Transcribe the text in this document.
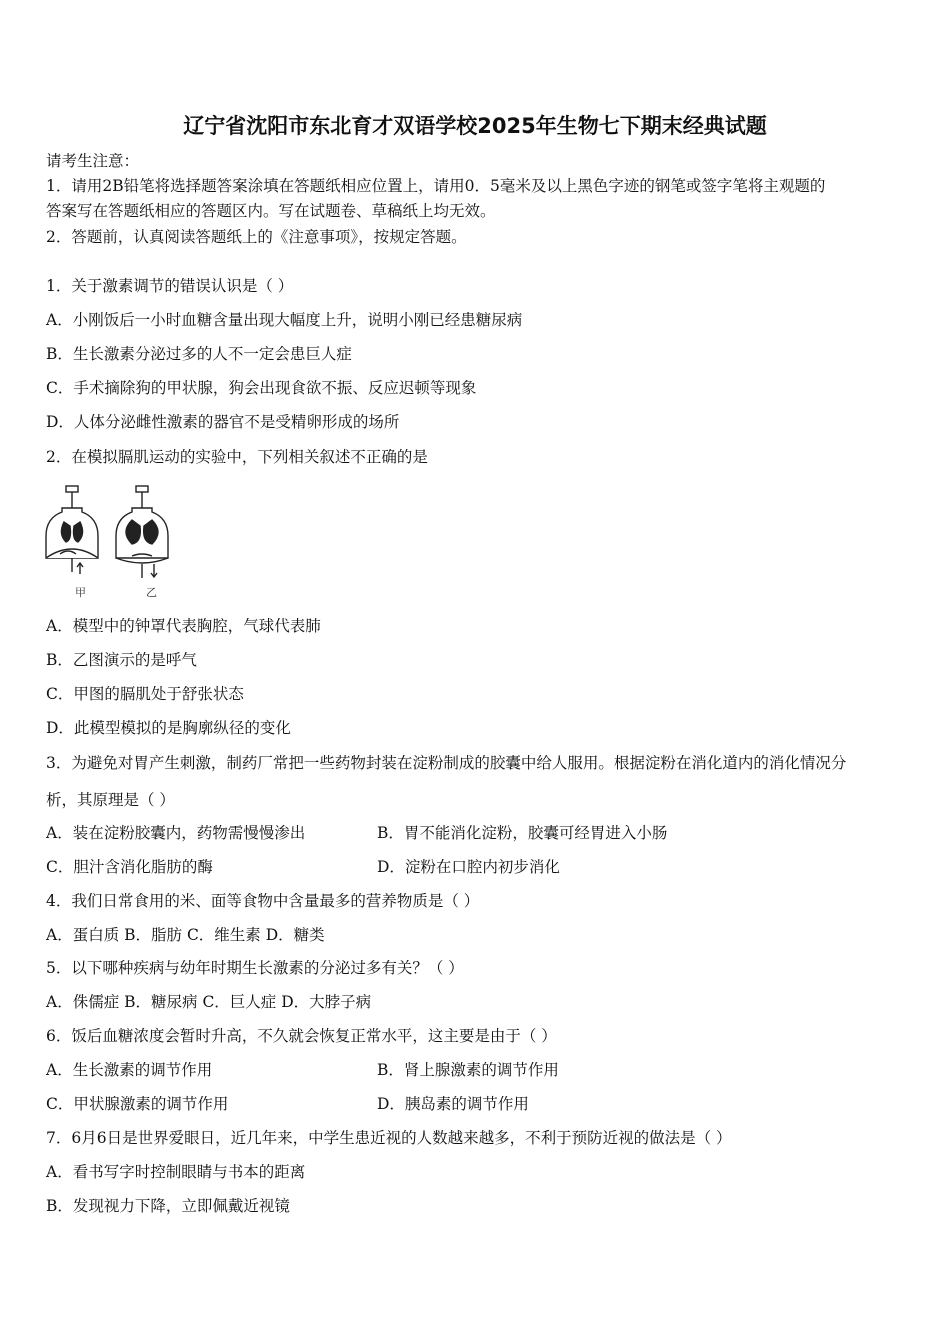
辽宁省沈阳市东北育才双语学校2025年生物七下期末经典试题
请考生注意：
1．请用2B铅笔将选择题答案涂填在答题纸相应位置上，请用0．5毫米及以上黑色字迹的钢笔或签字笔将主观题的
答案写在答题纸相应的答题区内。写在试题卷、草稿纸上均无效。
2．答题前，认真阅读答题纸上的《注意事项》，按规定答题。
1．关于激素调节的错误认识是（ ）
A．小刚饭后一小时血糖含量出现大幅度上升，说明小刚已经患糖尿病
B．生长激素分泌过多的人不一定会患巨人症
C．手术摘除狗的甲状腺，狗会出现食欲不振、反应迟顿等现象
D．人体分泌雌性激素的器官不是受精卵形成的场所
2．在模拟膈肌运动的实验中，下列相关叙述不正确的是
甲	乙
A．模型中的钟罩代表胸腔，气球代表肺
B．乙图演示的是呼气
C．甲图的膈肌处于舒张状态
D．此模型模拟的是胸廓纵径的变化
3．为避免对胃产生刺激，制药厂常把一些药物封装在淀粉制成的胶囊中给人服用。根据淀粉在消化道内的消化情况分
析，其原理是（ ）
A．装在淀粉胶囊内，药物需慢慢渗出	B．胃不能消化淀粉，胶囊可经胃进入小肠
C．胆汁含消化脂肪的酶	D．淀粉在口腔内初步消化
4．我们日常食用的米、面等食物中含量最多的营养物质是（ ）
A．蛋白质 B．脂肪 C．维生素 D．糖类
5．以下哪种疾病与幼年时期生长激素的分泌过多有关？（ ）
A．侏儒症 B．糖尿病 C．巨人症 D．大脖子病
6．饭后血糖浓度会暂时升高，不久就会恢复正常水平，这主要是由于（ ）
A．生长激素的调节作用	B．肾上腺激素的调节作用
C．甲状腺激素的调节作用	D．胰岛素的调节作用
7．6月6日是世界爱眼日，近几年来，中学生患近视的人数越来越多，不利于预防近视的做法是（ ）
A．看书写字时控制眼睛与书本的距离
B．发现视力下降，立即佩戴近视镜
